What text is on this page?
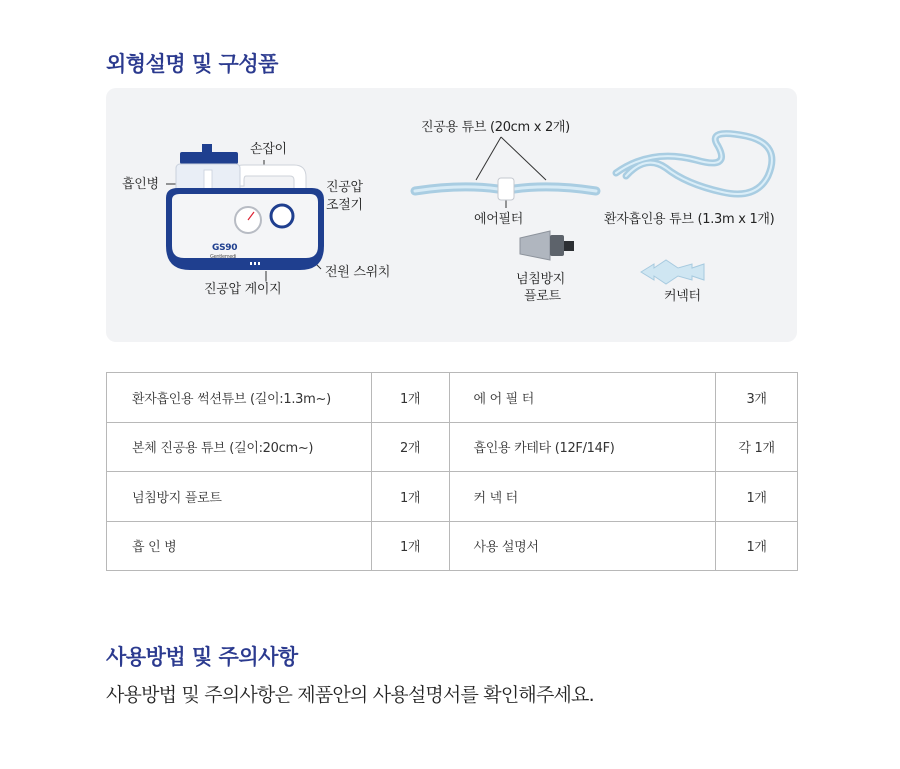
외형설명 및 구성품
손잡이
흡인병	진공압
조절기
전원 스위치
진공압 게이지
진공용 튜브 (20cm x 2개)
에어필터	환자흡인용 튜브 (1.3m x 1개)
넘침방지
플로트	커넥터
GS90
Gentlemedi
환자흡인용 썩션튜브 (길이:1.3m~)	1개	에 어 필 터	3개
본체 진공용 튜브 (길이:20cm~)	2개	흡인용 카테타 (12F/14F)	각 1개
넘침방지 플로트	1개	커 넥 터	1개
흡 인 병	1개	사용 설명서	1개
사용방법 및 주의사항
사용방법 및 주의사항은 제품안의 사용설명서를 확인해주세요.
